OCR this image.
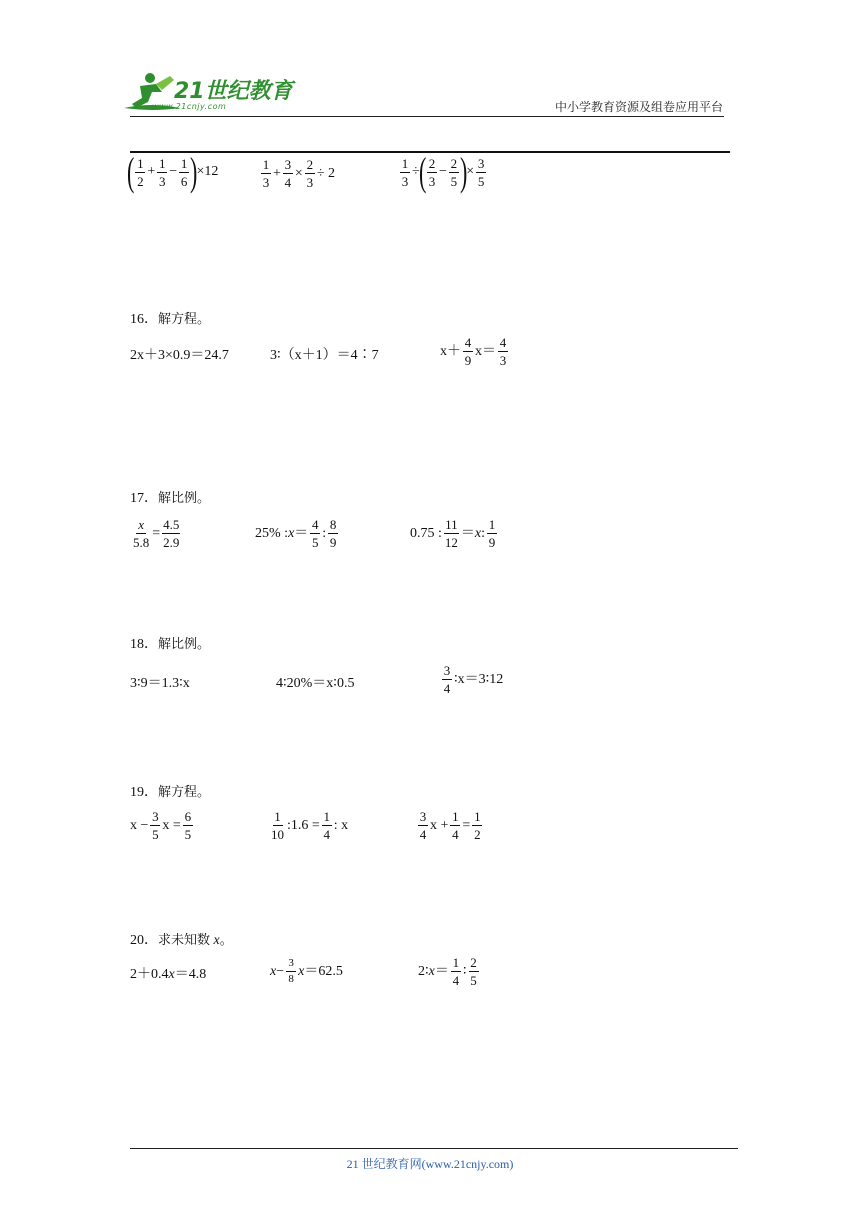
21世纪教育
www.21cnjy.com	中小学教育资源及组卷应用平台
( $\frac{1}{2} + \frac{1}{3} - \frac{1}{6}$ )
×12	$\frac{1}{3} + \frac{3}{4} \times \frac{2}{3} \div 2$	$\frac{1}{3}$ ÷
( $\frac{2}{3} - \frac{2}{5}$ )
× $\frac{3}{5}$
16．解方程。
2x＋3×0.9＝24.7	3∶（x＋1）＝4∶7	$x+ \frac{4}{9} x= \frac{4}{3}$
17．解比例。
$\frac{x}{5.8} = \frac{4.5}{2.9}$	25% : $x = \frac{4}{5}$ : $\frac{8}{9}$	0.75 : $\frac{11}{12} = x$ : $\frac{1}{9}$
18．解比例。
3∶9＝1.3∶x	4∶20%＝x∶0.5	$\frac{3}{4}$ ∶x＝3∶12
19．解方程。
$x - \frac{3}{5}$ $x = \frac{6}{5}$	$\frac{1}{10}$ :1.6 = $\frac{1}{4}$ : x	$\frac{3}{4}$ $x + \frac{1}{4} = \frac{1}{2}$
20．求未知数 x。
2＋0.4 x ＝4.8	$x - \frac{3}{8}$ x ＝62.5	2∶ $x = \frac{1}{4}$ ∶ $\frac{2}{5}$
21 世纪教育网(www.21cnjy.com)
